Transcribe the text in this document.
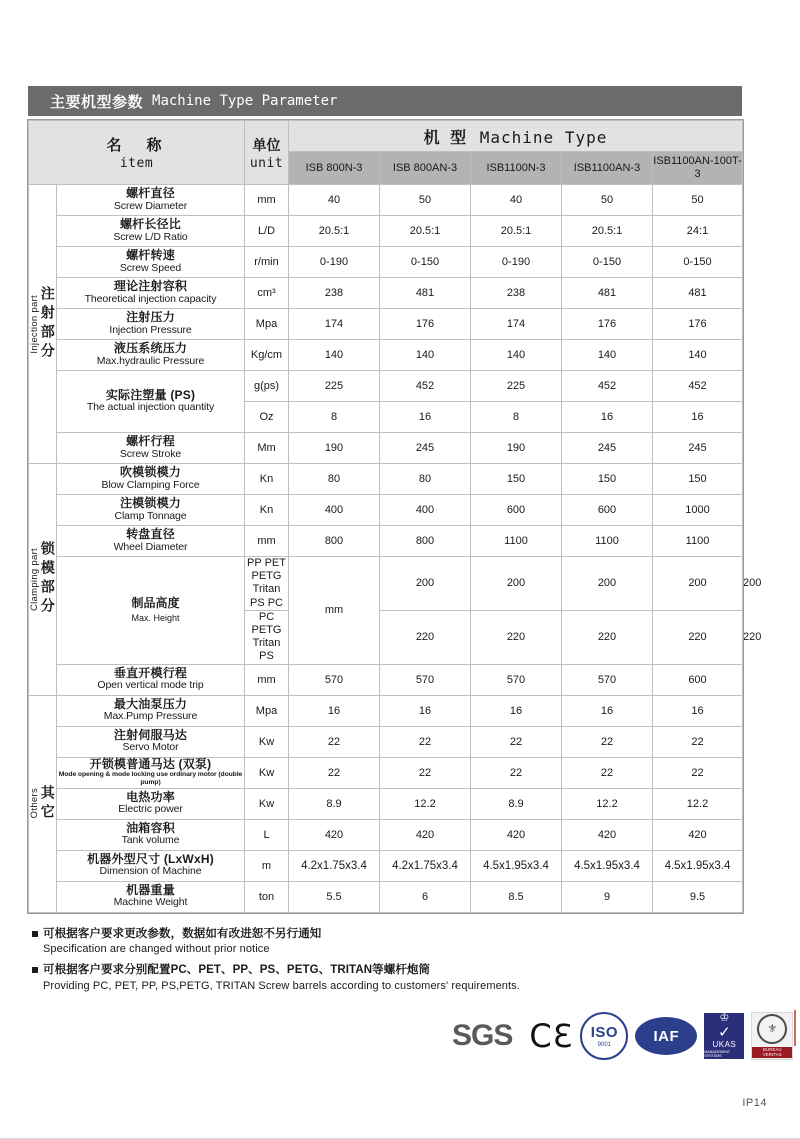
主要机型参数 Machine Type Parameter
名　称
item		单位
unit	机 型 Machine Type					
			ISB 800N-3	ISB 800AN-3	ISB1100N-3	ISB1100AN-3	ISB1100AN-100T-3	

Injection part 注射部分	螺杆直径
Screw Diameter	mm	40	50	40	50	50	

	螺杆长径比
Screw L/D Ratio	L/D	20.5:1	20.5:1	20.5:1	20.5:1	24:1	

	螺杆转速
Screw Speed	r/min	0-190	0-150	0-190	0-150	0-150	

	理论注射容积
Theoretical injection capacity	cm³	238	481	238	481	481	

	注射压力
Injection Pressure	Mpa	174	176	174	176	176	

	液压系统压力
Max.hydraulic Pressure	Kg/cm	140	140	140	140	140	

	实际注塑量 (PS)
The actual injection quantity	g(ps)	225	452	225	452	452	
		Oz	8	16	8	16	16	

	螺杆行程
Screw Stroke	Mm	190	245	190	245	245	

Clamping part 锁模部分	吹模锁模力
Blow Clamping Force	Kn	80	80	150	150	150	

	注模锁模力
Clamp Tonnage	Kn	400	400	600	600	1000	

	转盘直径
Wheel Diameter	mm	800	800	1100	1100	1100	

	制品高度
Max. Height	PP PET PETG Tritan PS PC	mm	200	200	200	200	200
		PC PETG Tritan PS		220	220	220	220	220

	垂直开模行程
Open vertical mode trip	mm	570	570	570	570	600	

Others 其它	最大油泵压力
Max.Pump Pressure	Mpa	16	16	16	16	16	

	注射伺服马达
Servo Motor	Kw	22	22	22	22	22	

	开锁模普通马达 (双泵)
Mode opening & mode locking use ordinary motor (double pump)	Kw	22	22	22	22	22	

	电热功率
Electric power	Kw	8.9	12.2	8.9	12.2	12.2	

	油箱容积
Tank volume	L	420	420	420	420	420	

	机器外型尺寸 (LxWxH)
Dimension of Machine	m	4.2x1.75x3.4	4.2x1.75x3.4	4.5x1.95x3.4	4.5x1.95x3.4	4.5x1.95x3.4	

	机器重量
Machine Weight	ton	5.5	6	8.5	9	9.5	
可根据客户要求更改参数，数据如有改进恕不另行通知
Specification are changed without prior notice
可根据客户要求分别配置PC、PET、PP、PS、PETG、TRITAN等螺杆炮筒
Providing PC, PET, PP, PS,PETG, TRITAN Screw barrels according to customers' requirements.
SGS CƐ ISO
9001	IAF
♔
✓
UKAS
MANAGEMENT SYSTEMS
⚜
BUREAU VERITAS
IP14
